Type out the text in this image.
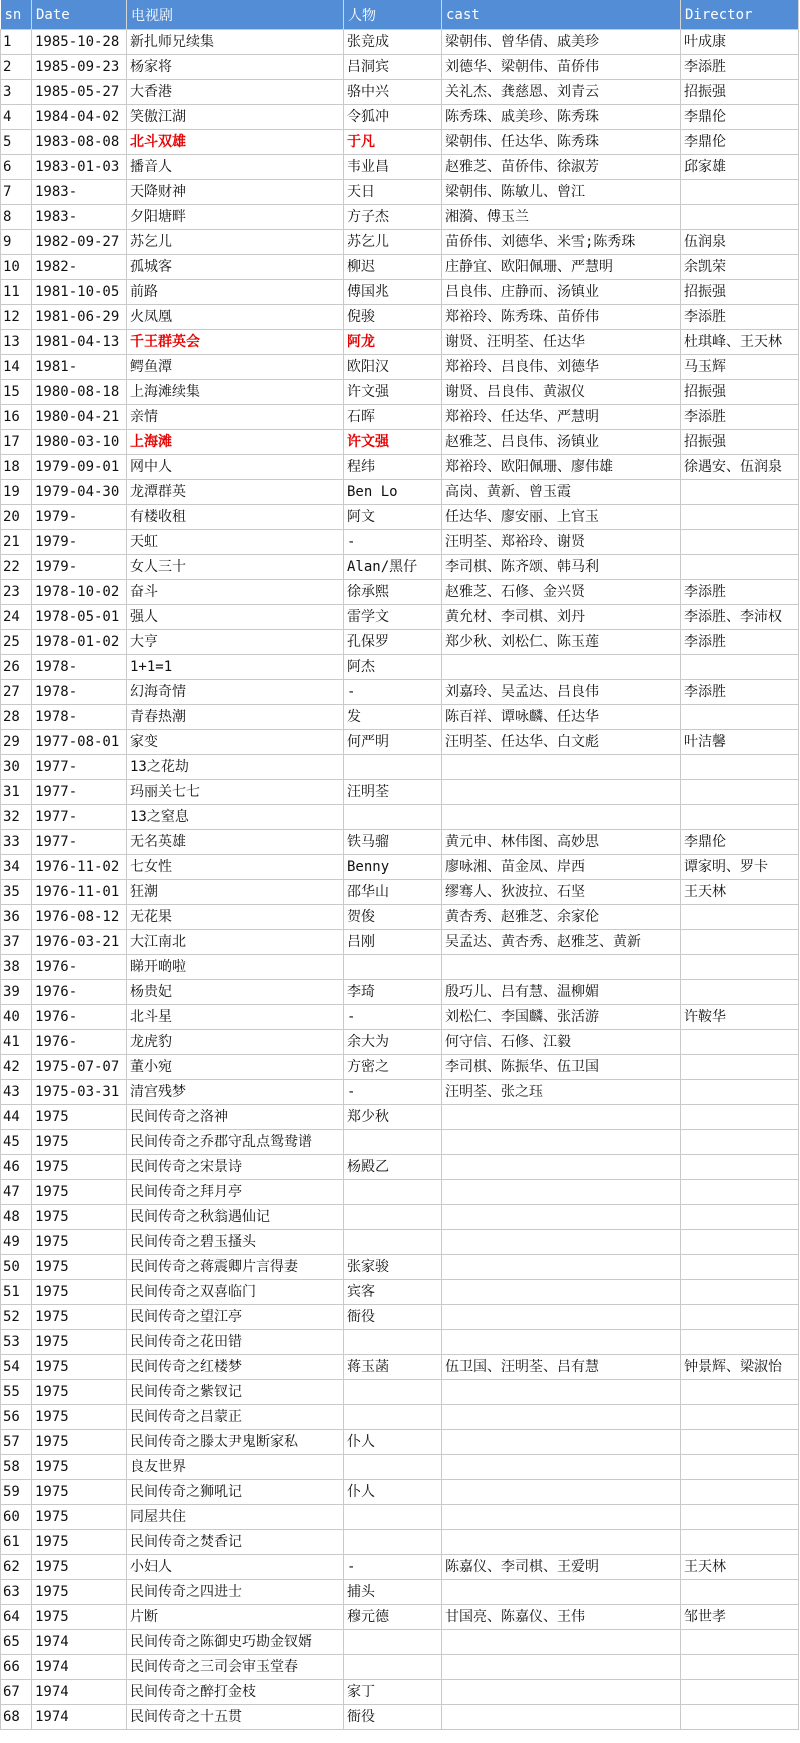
sn	Date	电视剧	人物	cast	Director
1	1985-10-28	新扎师兄续集	张竞成	梁朝伟、曾华倩、戚美珍	叶成康
2	1985-09-23	杨家将	吕洞宾	刘德华、梁朝伟、苗侨伟	李添胜
3	1985-05-27	大香港	骆中兴	关礼杰、龚慈恩、刘青云	招振强
4	1984-04-02	笑傲江湖	令狐冲	陈秀珠、戚美珍、陈秀珠	李鼎伦
5	1983-08-08	北斗双雄	于凡	梁朝伟、任达华、陈秀珠	李鼎伦
6	1983-01-03	播音人	韦业昌	赵雅芝、苗侨伟、徐淑芳	邱家雄
7	1983-	天降财神	天日	梁朝伟、陈敏儿、曾江	
8	1983-	夕阳塘畔	方子杰	湘漪、傅玉兰	
9	1982-09-27	苏乞儿	苏乞儿	苗侨伟、刘德华、米雪;陈秀珠	伍润泉
10	1982-	孤城客	柳迟	庄静宜、欧阳佩珊、严慧明	余凯荣
11	1981-10-05	前路	傅国兆	吕良伟、庄静而、汤镇业	招振强
12	1981-06-29	火凤凰	倪骏	郑裕玲、陈秀珠、苗侨伟	李添胜
13	1981-04-13	千王群英会	阿龙	谢贤、汪明荃、任达华	杜琪峰、王天林
14	1981-	鳄鱼潭	欧阳汉	郑裕玲、吕良伟、刘德华	马玉辉
15	1980-08-18	上海滩续集	许文强	谢贤、吕良伟、黄淑仪	招振强
16	1980-04-21	亲情	石晖	郑裕玲、任达华、严慧明	李添胜
17	1980-03-10	上海滩	许文强	赵雅芝、吕良伟、汤镇业	招振强
18	1979-09-01	网中人	程纬	郑裕玲、欧阳佩珊、廖伟雄	徐遇安、伍润泉
19	1979-04-30	龙潭群英	Ben Lo	高岗、黄新、曾玉霞	
20	1979-	有楼收租	阿文	任达华、廖安丽、上官玉	
21	1979-	天虹	-	汪明荃、郑裕玲、谢贤	
22	1979-	女人三十	Alan/黑仔	李司棋、陈齐颂、韩马利	
23	1978-10-02	奋斗	徐承熙	赵雅芝、石修、金兴贤	李添胜
24	1978-05-01	强人	雷学文	黄允材、李司棋、刘丹	李添胜、李沛权
25	1978-01-02	大亨	孔保罗	郑少秋、刘松仁、陈玉莲	李添胜
26	1978-	1+1=1	阿杰		
27	1978-	幻海奇情	-	刘嘉玲、吴孟达、吕良伟	李添胜
28	1978-	青春热潮	发	陈百祥、谭咏麟、任达华	
29	1977-08-01	家变	何严明	汪明荃、任达华、白文彪	叶洁馨
30	1977-	13之花劫			
31	1977-	玛丽关七七	汪明荃		
32	1977-	13之窒息			
33	1977-	无名英雄	铁马骝	黄元申、林伟图、高妙思	李鼎伦
34	1976-11-02	七女性	Benny	廖咏湘、苗金凤、岸西	谭家明、罗卡
35	1976-11-01	狂潮	邵华山	缪骞人、狄波拉、石坚	王天林
36	1976-08-12	无花果	贺俊	黄杏秀、赵雅芝、余家伦	
37	1976-03-21	大江南北	吕刚	吴孟达、黄杏秀、赵雅芝、黄新	
38	1976-	睇开啲啦			
39	1976-	杨贵妃	李琦	殷巧儿、吕有慧、温柳媚	
40	1976-	北斗星	-	刘松仁、李国麟、张活游	许鞍华
41	1976-	龙虎豹	余大为	何守信、石修、江毅	
42	1975-07-07	董小宛	方密之	李司棋、陈振华、伍卫国	
43	1975-03-31	清宫残梦	-	汪明荃、张之珏	
44	1975	民间传奇之洛神	郑少秋		
45	1975	民间传奇之乔郡守乱点鸳鸯谱			
46	1975	民间传奇之宋景诗	杨殿乙		
47	1975	民间传奇之拜月亭			
48	1975	民间传奇之秋翁遇仙记			
49	1975	民间传奇之碧玉搔头			
50	1975	民间传奇之蒋震卿片言得妻	张家骏		
51	1975	民间传奇之双喜临门	宾客		
52	1975	民间传奇之望江亭	衙役		
53	1975	民间传奇之花田错			
54	1975	民间传奇之红楼梦	蒋玉菡	伍卫国、汪明荃、吕有慧	钟景辉、梁淑怡
55	1975	民间传奇之紫钗记			
56	1975	民间传奇之吕蒙正			
57	1975	民间传奇之滕太尹鬼断家私	仆人		
58	1975	良友世界			
59	1975	民间传奇之狮吼记	仆人		
60	1975	同屋共住			
61	1975	民间传奇之焚香记			
62	1975	小妇人	-	陈嘉仪、李司棋、王爱明	王天林
63	1975	民间传奇之四进士	捕头		
64	1975	片断	穆元德	甘国亮、陈嘉仪、王伟	邹世孝
65	1974	民间传奇之陈御史巧勘金钗婿			
66	1974	民间传奇之三司会审玉堂春			
67	1974	民间传奇之醉打金枝	家丁		
68	1974	民间传奇之十五贯	衙役		
